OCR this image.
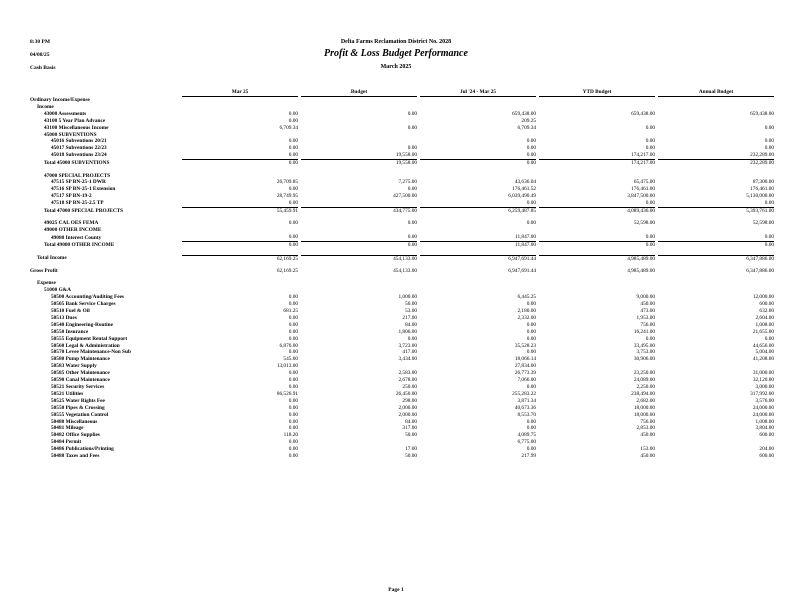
8:30 PM
04/08/25
Cash Basis
Delta Farms Reclamation District No. 2028
Profit & Loss Budget Performance
March 2025
	Mar 25		Budget		Jul '24 - Mar 25		YTD Budget		Annual Budget
Ordinary Income/Expense									
Income									
43000 Assessments	0.00		0.00		659,438.00		659,438.00		659,438.00
43100 5 Year Plan Advance	0.00				209.25				
43100 Miscellaneous Income	6,709.34		0.00		6,709.34		0.00		0.00
45000 SUBVENTIONS									
45016 Subventions 20/21	0.00				0.00		0.00		0.00
45017 Subventions 22/23	0.00		0.00		0.00		0.00		0.00
45018 Subventions 23/24	0.00		19,558.00		0.00		174,217.00		232,289.00
Total 45000 SUBVENTIONS	0.00		19,558.00		0.00		174,217.00		232,289.00

47000 SPECIAL PROJECTS									
47515 SP BN-25-1 DWR	26,709.85		7,275.00		43,636.04		65,475.00		87,300.00
47516 SP BN-25-1 Extension	0.00		0.00		176,461.52		176,461.00		176,461.00
47517 SP BN-19-2	28,749.95		427,500.00		6,039,490.49		3,847,500.00		5,130,000.00
47518 SP BN-25-2.5 TP	0.00				0.00		0.00		0.00
Total 47000 SPECIAL PROJECTS	55,459.91		434,775.00		6,259,487.85		4,089,436.00		5,393,761.00

49025 CAL OES FEMA	0.00		0.00		0.00		52,598.00		52,598.00
49000 OTHER INCOME									
49080 Interest County	0.00		0.00		11,847.00		0.00		0.00
Total 49000 OTHER INCOME	0.00		0.00		11,847.00		0.00		0.00

Total Income	62,169.25		454,133.00		6,947,691.44		4,985,489.00		6,347,886.00

Gross Profit	62,169.25		454,133.00		6,947,691.44		4,985,489.00		6,347,886.00

Expense									
51000 G&A									
50500 Accounting/Auditing Fees	0.00		1,000.00		6,445.25		9,000.00		12,000.00
50505 Bank Service Charges	0.00		50.00		0.00		450.00		600.00
50510 Fuel & Oil	681.25		53.00		2,180.00		473.00		632.00
50513 Dues	0.00		217.00		2,332.00		1,953.00		2,604.00
50540 Engineering-Routine	0.00		84.00		0.00		756.00		1,008.00
50550 Insurance	0.00		1,806.00		0.00		16,241.00		21,655.00
50555 Equipment Rental Support	0.00		0.00		0.00		0.00		0.00
50560 Legal & Administration	6,870.00		3,723.00		35,528.23		33,495.00		44,656.00
50570 Levee Maintenance-Non Sub	0.00		417.00		0.00		3,753.00		5,004.00
50580 Pump Maintenance	545.00		3,434.00		18,066.14		30,906.00		41,208.00
50583 Water Supply	13,013.00				27,834.00				
50585 Other Maintenance	0.00		2,583.00		26,773.39		23,250.00		31,000.00
50590 Canal Maintenance	0.00		2,678.00		7,066.00		24,089.00		32,120.00
50521 Security Services	0.00		250.00		0.00		2,250.00		3,000.00
50521 Utilities	86,526.91		26,450.00		255,283.22		238,494.00		317,992.00
50525 Water Rights Fee	0.00		298.00		3,871.34		2,682.00		3,576.00
50550 Pipes & Crossing	0.00		2,000.00		40,673.36		18,000.00		24,000.00
50555 Vegetation Control	0.00		2,000.00		8,553.70		18,000.00		24,000.00
50480 Miscellaneous	0.00		84.00		0.00		756.00		1,008.00
50481 Mileage	0.00		317.00		0.00		2,853.00		3,804.00
50482 Office Supplies	118.20		50.00		4,089.75		450.00		600.00
50484 Permit	0.00				6,775.00				
50486 Publications/Printing	0.00		17.00		0.00		153.00		204.00
50488 Taxes and Fees	0.00		50.00		217.99		450.00		600.00
Page 1
